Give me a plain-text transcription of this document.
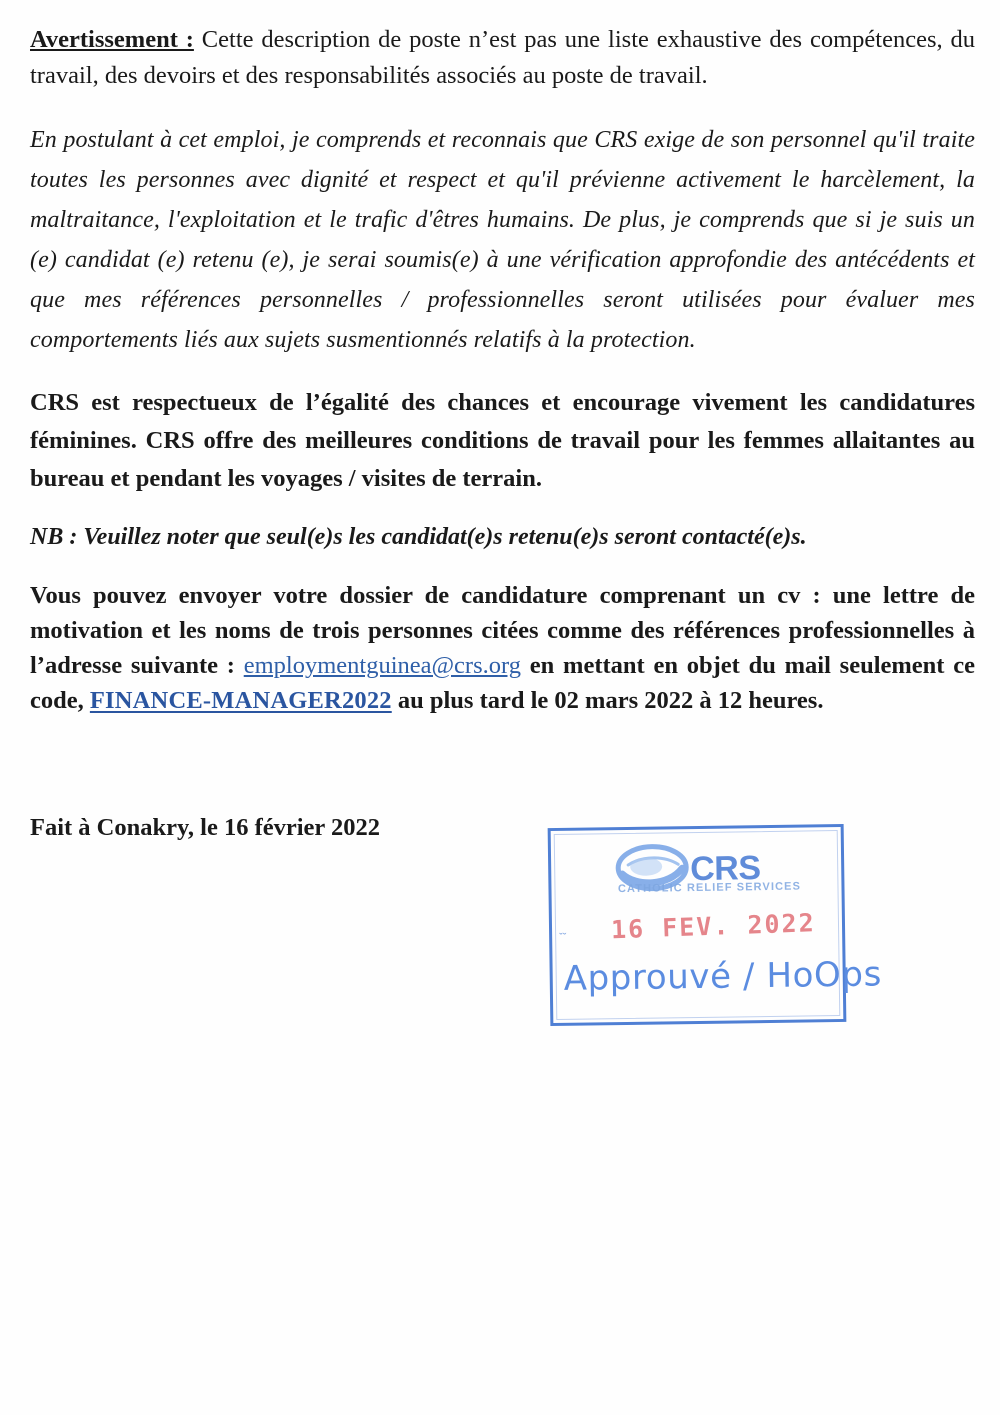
Avertissement : Cette description de poste n’est pas une liste exhaustive des compétences, du travail, des devoirs et des responsabilités associés au poste de travail.

En postulant à cet emploi, je comprends et reconnais que CRS exige de son personnel qu'il traite toutes les personnes avec dignité et respect et qu'il prévienne activement le harcèlement, la maltraitance, l'exploitation et le trafic d'êtres humains. De plus, je comprends que si je suis un (e) candidat (e) retenu (e), je serai soumis(e) à une vérification approfondie des antécédents et que mes références personnelles / professionnelles seront utilisées pour évaluer mes comportements liés aux sujets susmentionnés relatifs à la protection.

CRS est respectueux de l’égalité des chances et encourage vivement les candidatures féminines. CRS offre des meilleures conditions de travail pour les femmes allaitantes au bureau et pendant les voyages / visites de terrain.

NB : Veuillez noter que seul(e)s les candidat(e)s retenu(e)s seront contacté(e)s.

Vous pouvez envoyer votre dossier de candidature comprenant un cv : une lettre de motivation et les noms de trois personnes citées comme des références professionnelles à l’adresse suivante : employmentguinea@crs.org en mettant en objet du mail seulement ce code, FINANCE-MANAGER2022 au plus tard le 02 mars 2022 à 12 heures.

Fait à Conakry, le 16 février 2022

CRS
CATHOLIC RELIEF SERVICES
ˇˇ 16 FEV. 2022
Approuvé / HoOps
